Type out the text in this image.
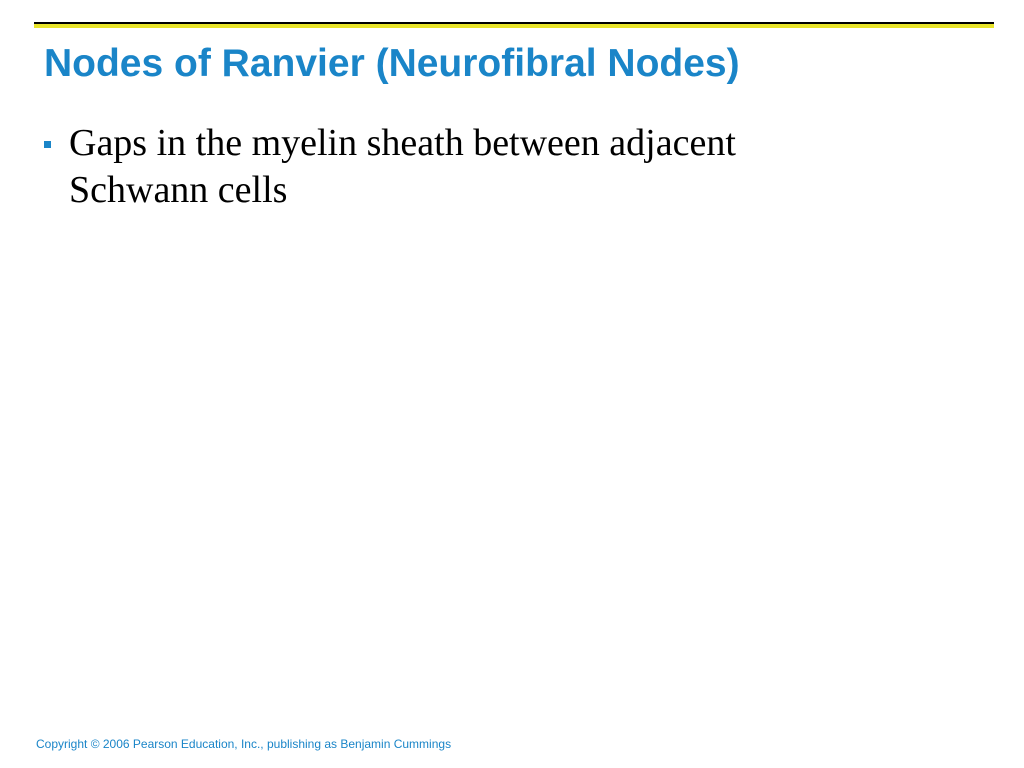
Nodes of Ranvier (Neurofibral Nodes)
Gaps in the myelin sheath between adjacent Schwann cells
Copyright © 2006 Pearson Education, Inc., publishing as Benjamin Cummings
